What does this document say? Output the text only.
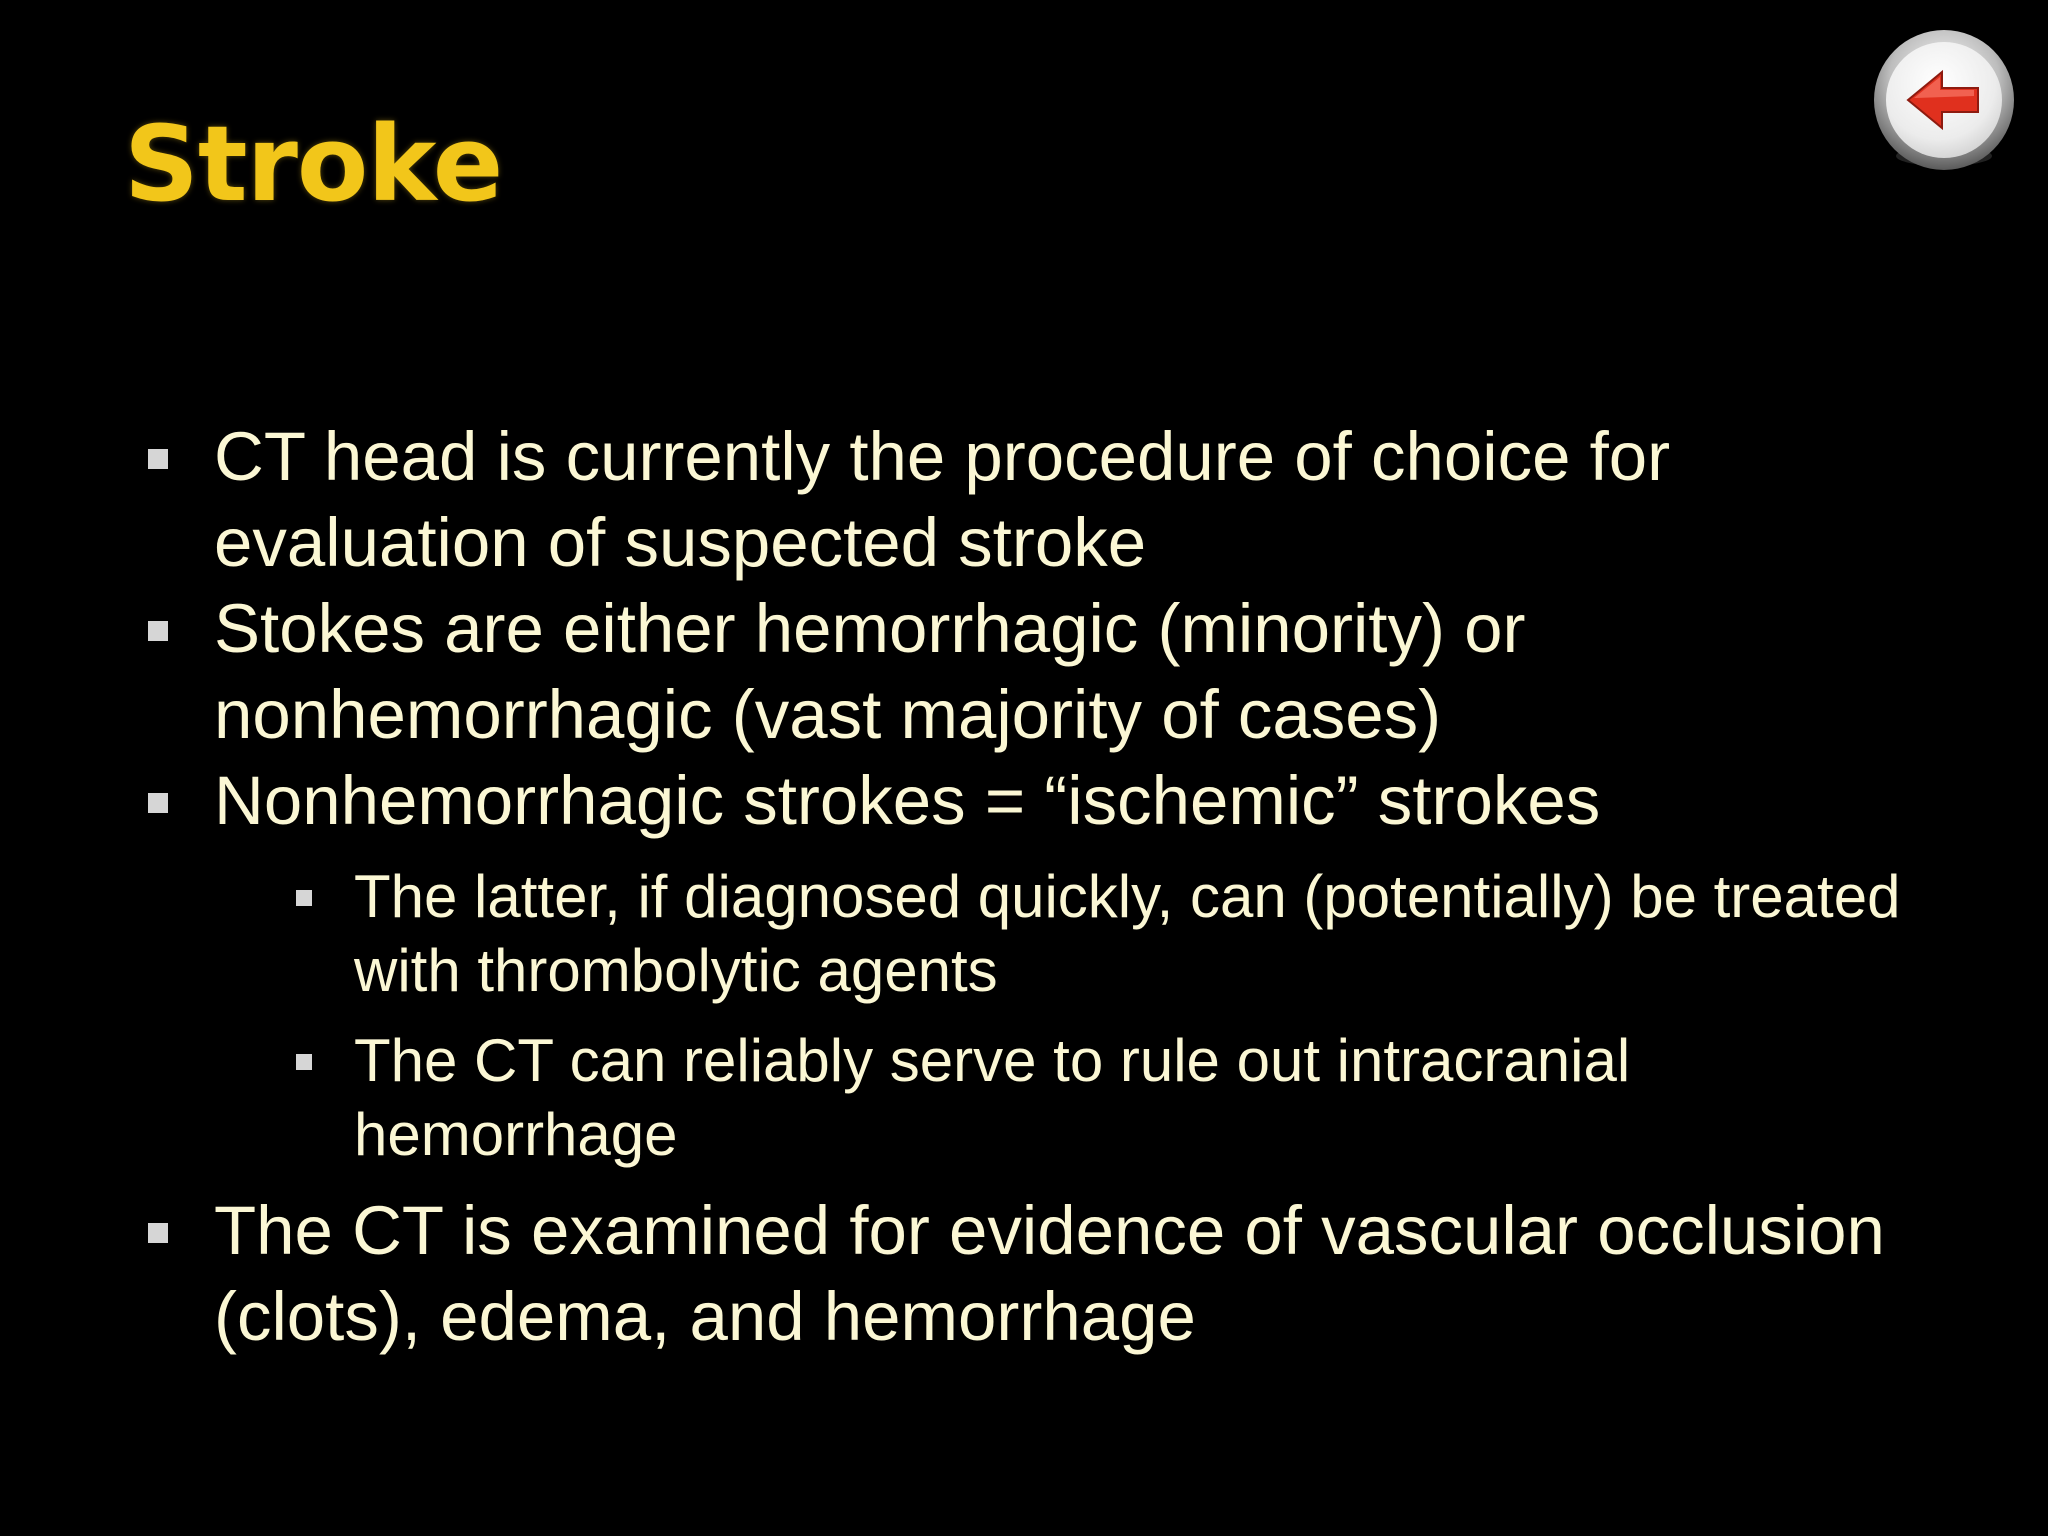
Stroke
CT head is currently the procedure of choice for evaluation of suspected stroke
Stokes are either hemorrhagic (minority) or nonhemorrhagic (vast majority of cases)
Nonhemorrhagic strokes = “ischemic” strokes
The latter, if diagnosed quickly, can (potentially) be treated with thrombolytic agents
The CT can reliably serve to rule out intracranial hemorrhage
The CT is examined for evidence of vascular occlusion (clots), edema, and hemorrhage
